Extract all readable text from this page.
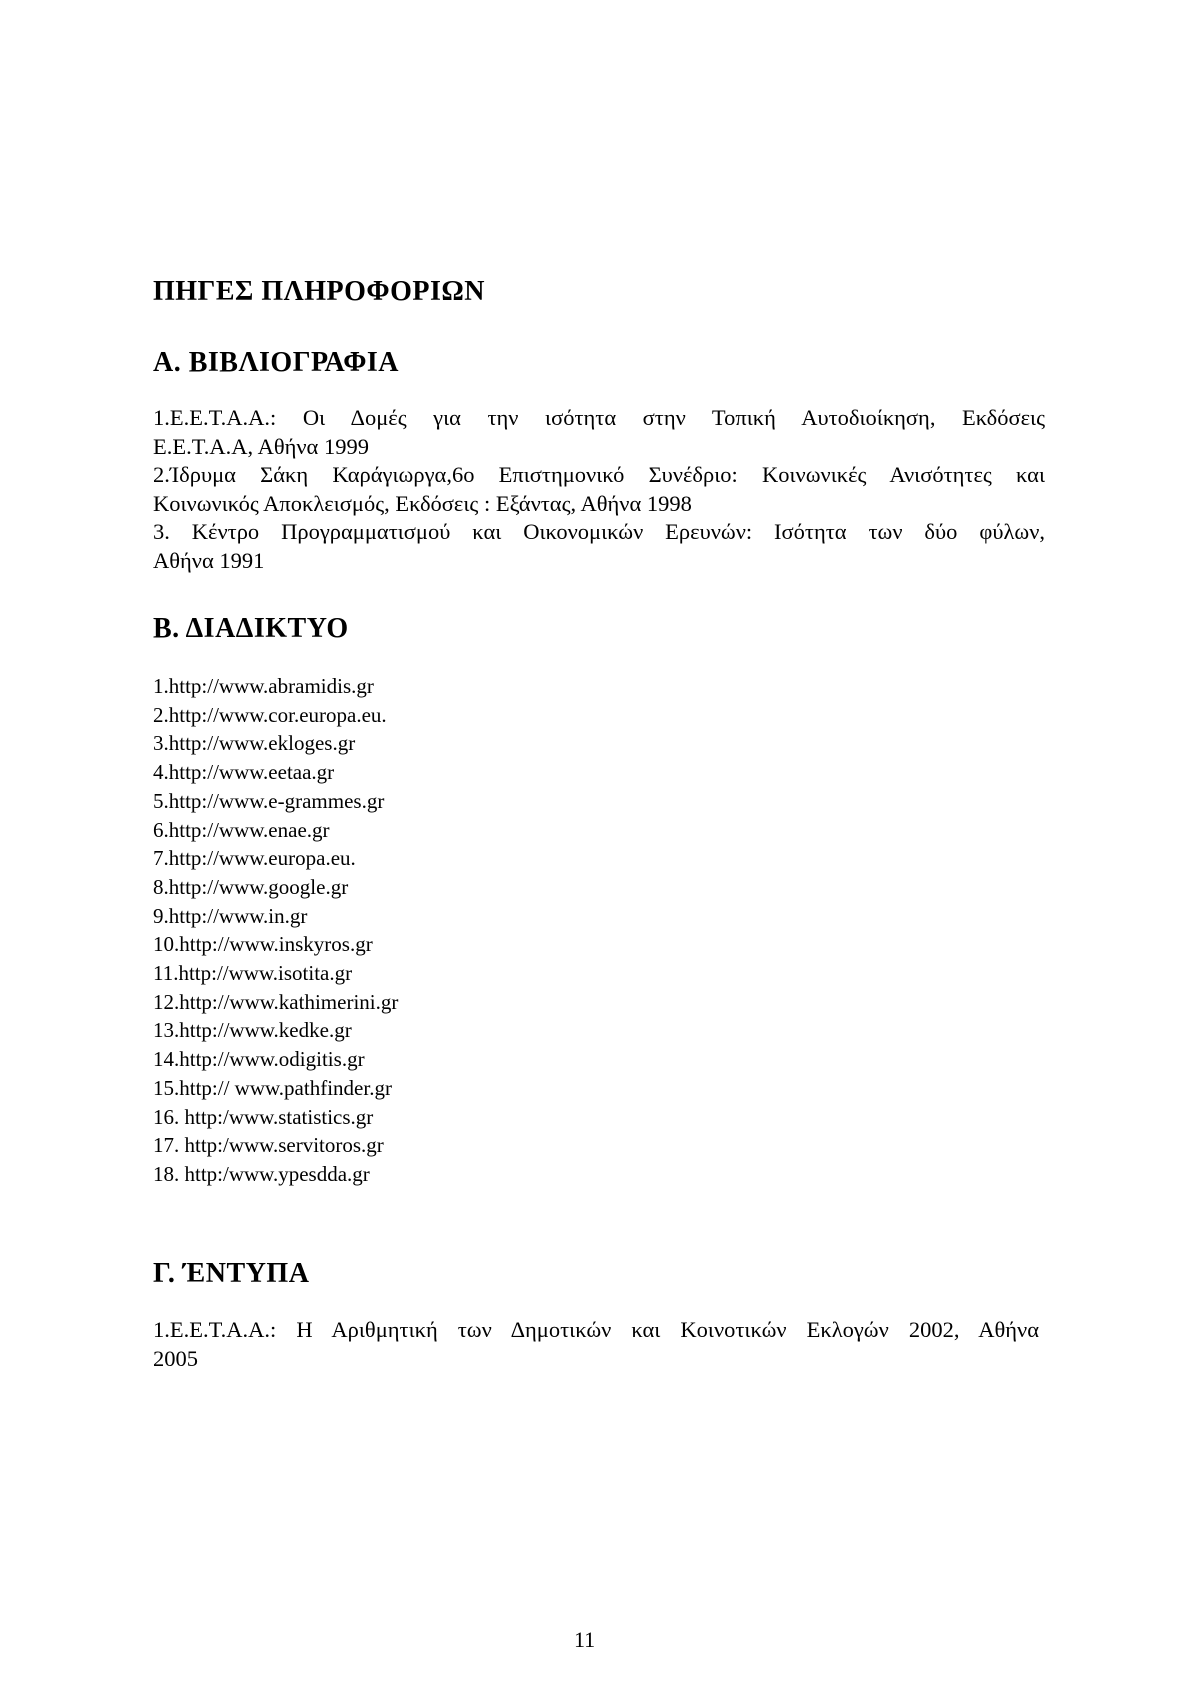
ΠΗΓΕΣ ΠΛΗΡΟΦΟΡΙΩΝ
Α. ΒΙΒΛΙΟΓΡΑΦΙΑ
1.Ε.Ε.Τ.Α.Α.: Οι Δομές για την ισότητα στην Τοπική Αυτοδιοίκηση, Εκδόσεις
Ε.Ε.Τ.Α.Α, Αθήνα 1999
2.Ίδρυμα Σάκη Καράγιωργα,6ο Επιστημονικό Συνέδριο: Κοινωνικές Ανισότητες και
Κοινωνικός Αποκλεισμός, Εκδόσεις : Εξάντας, Αθήνα 1998
3. Κέντρο Προγραμματισμού και Οικονομικών Ερευνών: Ισότητα των δύο φύλων,
Αθήνα 1991
Β. ΔΙΑΔΙΚΤΥΟ
1.http://www.abramidis.gr
2.http://www.cor.europa.eu.
3.http://www.ekloges.gr
4.http://www.eetaa.gr
5.http://www.e-grammes.gr
6.http://www.enae.gr
7.http://www.europa.eu.
8.http://www.google.gr
9.http://www.in.gr
10.http://www.inskyros.gr
11.http://www.isotita.gr
12.http://www.kathimerini.gr
13.http://www.kedke.gr
14.http://www.odigitis.gr
15.http:// www.pathfinder.gr
16. http:/www.statistics.gr
17. http:/www.servitoros.gr
18. http:/www.ypesdda.gr
Γ. ΈΝΤΥΠΑ
1.Ε.Ε.Τ.Α.Α.: Η Αριθμητική των Δημοτικών και Κοινοτικών Εκλογών 2002, Αθήνα
2005
11
